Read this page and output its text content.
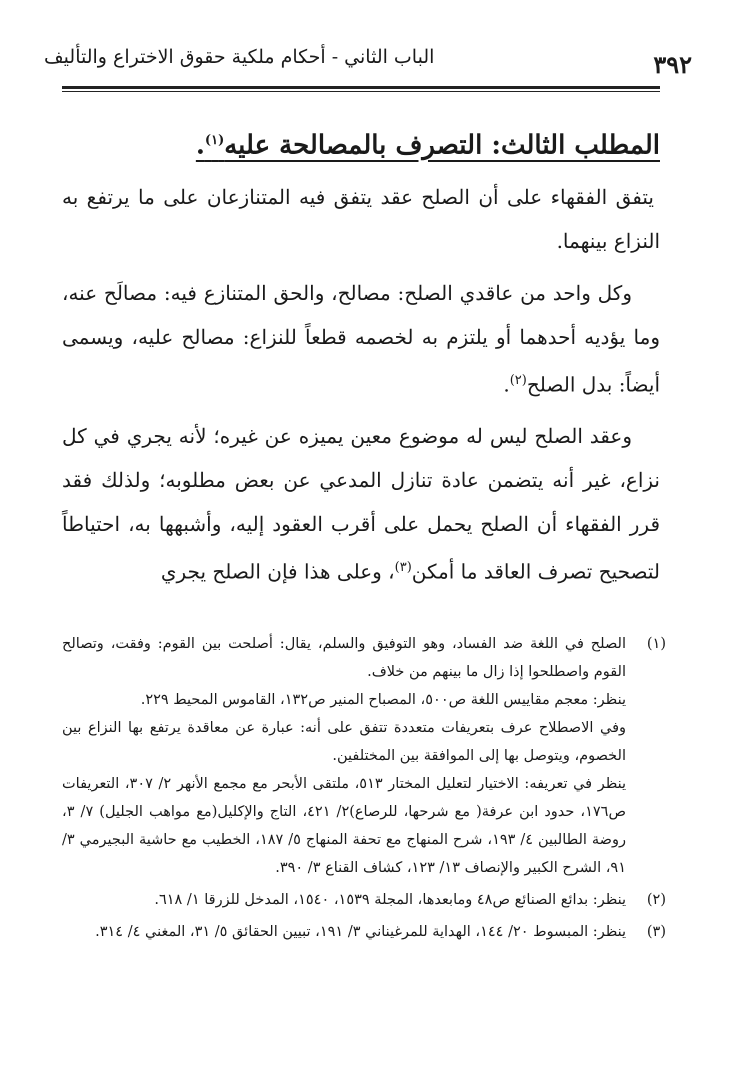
٣٩٢
الباب الثاني - أحكام ملكية حقوق الاختراع والتأليف
المطلب الثالث: التصرف بالمصالحة عليه$^{(١)}$.

يتفق الفقهاء على أن الصلح عقد يتفق فيه المتنازعان على ما يرتفع به النزاع بينهما.

وكل واحد من عاقدي الصلح: مصالح، والحق المتنازع فيه: مصالَح عنه، وما يؤديه أحدهما أو يلتزم به لخصمه قطعاً للنزاع: مصالح عليه، ويسمى أيضاً: بدل الصلح$^{(٢)}$.

وعقد الصلح ليس له موضوع معين يميزه عن غيره؛ لأنه يجري في كل نزاع، غير أنه يتضمن عادة تنازل المدعي عن بعض مطلوبه؛ ولذلك فقد قرر الفقهاء أن الصلح يحمل على أقرب العقود إليه، وأشبهها به، احتياطاً لتصحيح تصرف العاقد ما أمكن$^{(٣)}$، وعلى هذا فإن الصلح يجري

(١)

الصلح في اللغة ضد الفساد، وهو التوفيق والسلم، يقال: أصلحت بين القوم: وفقت، وتصالح القوم واصطلحوا إذا زال ما بينهم من خلاف.

ينظر: معجم مقاييس اللغة ص٥٠٠، المصباح المنير ص١٣٢، القاموس المحيط ٢٢٩.

وفي الاصطلاح عرف بتعريفات متعددة تتفق على أنه: عبارة عن معاقدة يرتفع بها النزاع بين الخصوم، ويتوصل بها إلى الموافقة بين المختلفين.

ينظر في تعريفه: الاختيار لتعليل المختار ٥١٣، ملتقى الأبحر مع مجمع الأنهر ٢/ ٣٠٧، التعريفات ص١٧٦، حدود ابن عرفة( مع شرحها، للرصاع)٢/ ٤٢١، التاج والإكليل(مع مواهب الجليل) ٧/ ٣، روضة الطالبين ٤/ ١٩٣، شرح المنهاج مع تحفة المنهاج ٥/ ١٨٧، الخطيب مع حاشية البجيرمي ٣/ ٩١، الشرح الكبير والإنصاف ١٣/ ١٢٣، كشاف القناع ٣/ ٣٩٠.

(٢)

ينظر: بدائع الصنائع ص٤٨ ومابعدها، المجلة ١٥٣٩، ١٥٤٠، المدخل للزرقا ١/ ٦١٨.

(٣)

ينظر: المبسوط ٢٠/ ١٤٤، الهداية للمرغيناني ٣/ ١٩١، تبيين الحقائق ٥/ ٣١، المغني ٤/ ٣١٤.
